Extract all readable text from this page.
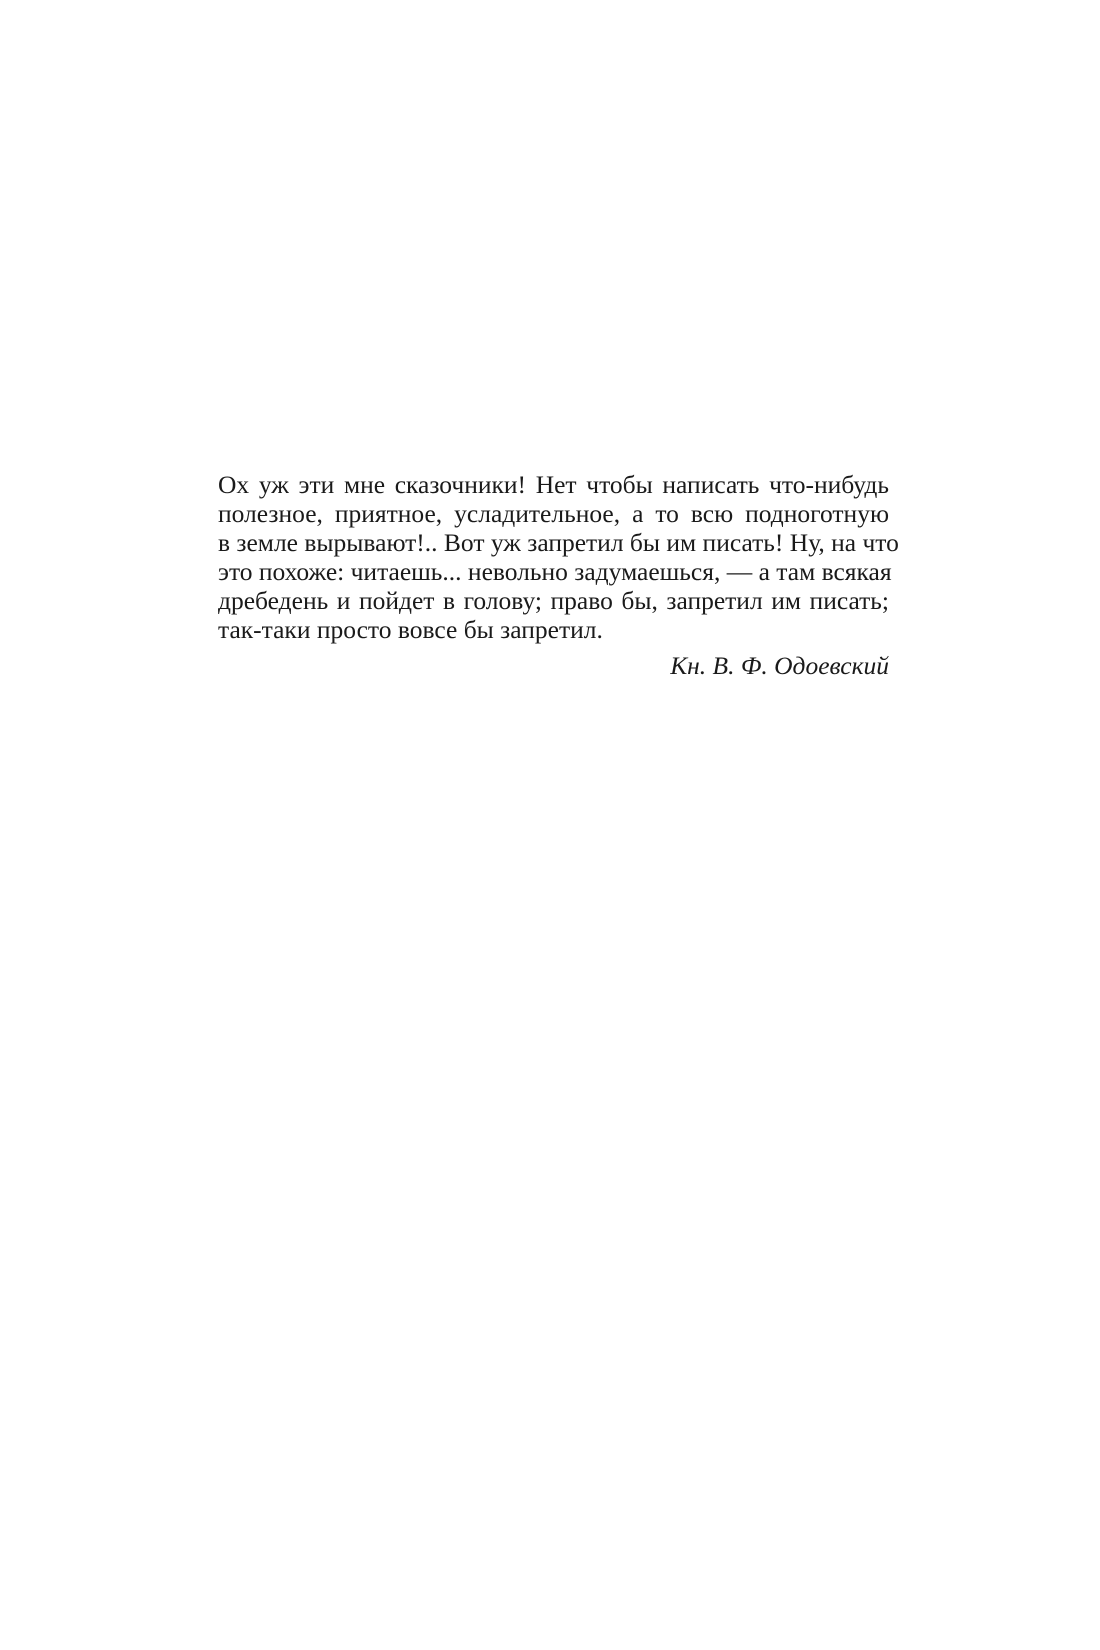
Ох уж эти мне сказочники! Нет чтобы написать что-нибудь
полезное, приятное, усладительное, а то всю подноготную
в земле вырывают!.. Вот уж запретил бы им писать! Ну, на что
это похоже: читаешь... невольно задумаешься, — а там всякая
дребедень и пойдет в голову; право бы, запретил им писать;
так-таки просто вовсе бы запретил.

Кн. В. Ф. Одоевский
